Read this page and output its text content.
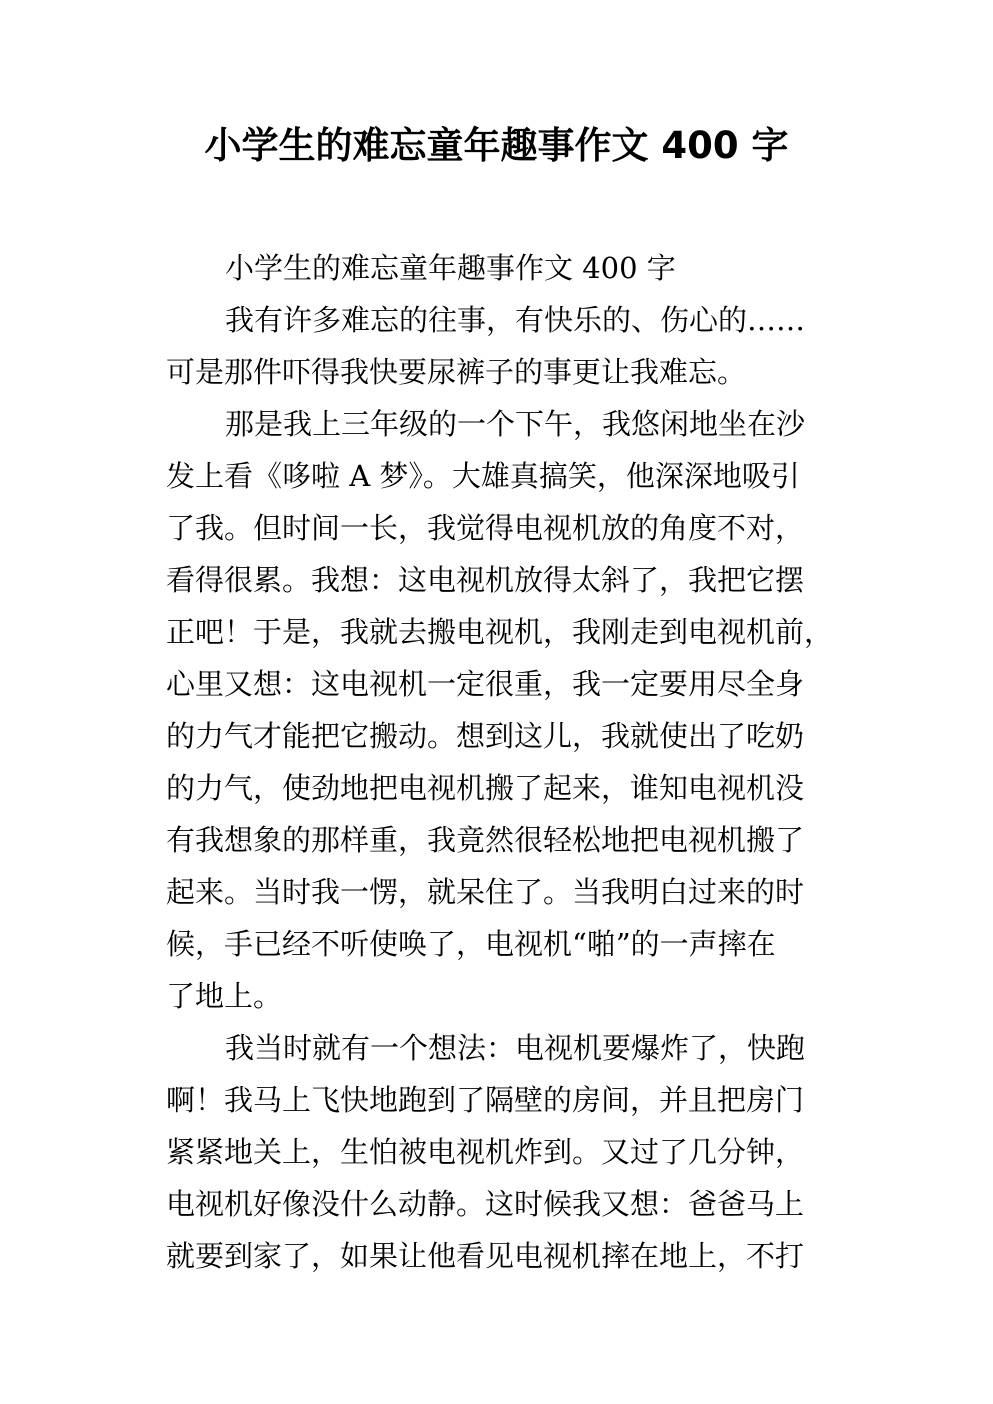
小学生的难忘童年趣事作文 400 字

小学生的难忘童年趣事作文 400 字

我有许多难忘的往事，有快乐的、伤心的……

可是那件吓得我快要尿裤子的事更让我难忘。

那是我上三年级的一个下午，我悠闲地坐在沙

发上看《哆啦 A 梦》。大雄真搞笑，他深深地吸引

了我。但时间一长，我觉得电视机放的角度不对，

看得很累。我想：这电视机放得太斜了，我把它摆

正吧！于是，我就去搬电视机，我刚走到电视机前，

心里又想：这电视机一定很重，我一定要用尽全身

的力气才能把它搬动。想到这儿，我就使出了吃奶

的力气，使劲地把电视机搬了起来，谁知电视机没

有我想象的那样重，我竟然很轻松地把电视机搬了

起来。当时我一愣，就呆住了。当我明白过来的时

候，手已经不听使唤了，电视机“啪”的一声摔在

了地上。

我当时就有一个想法：电视机要爆炸了，快跑

啊！我马上飞快地跑到了隔壁的房间，并且把房门

紧紧地关上，生怕被电视机炸到。又过了几分钟，

电视机好像没什么动静。这时候我又想：爸爸马上

就要到家了，如果让他看见电视机摔在地上，不打
